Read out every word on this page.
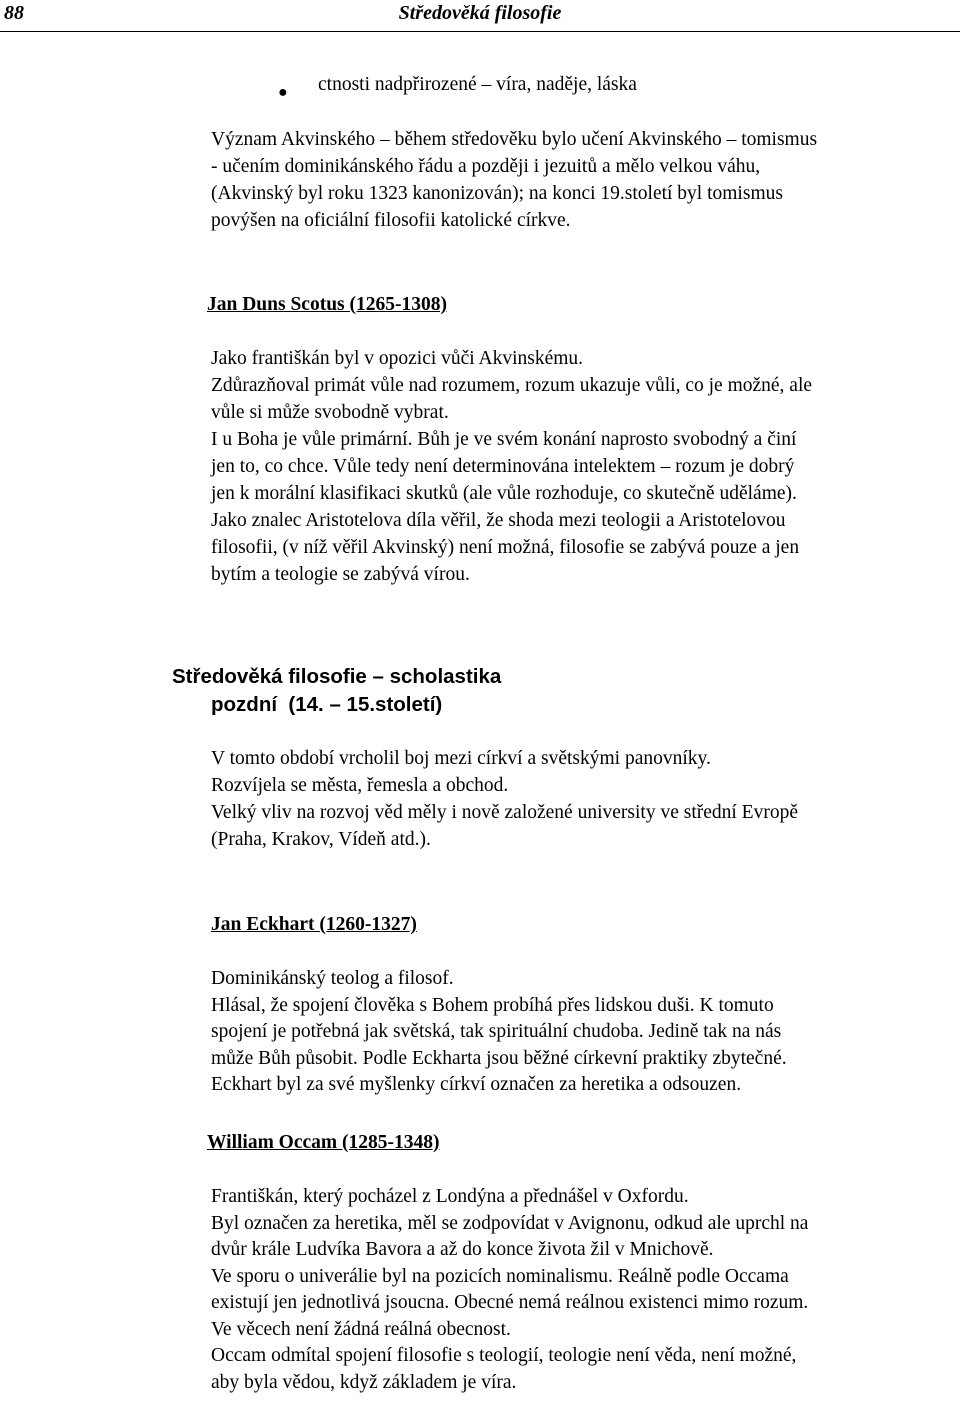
88	Středověká filosofie
● ctnosti nadpřirozené – víra, naděje, láska

Význam Akvinského – během středověku bylo učení Akvinského – tomismus
- učením dominikánského řádu a později i jezuitů a mělo velkou váhu,
(Akvinský byl roku 1323 kanonizován); na konci 19.století byl tomismus
povýšen na oficiální filosofii katolické církve.

Jan Duns Scotus (1265-1308)

Jako františkán byl v opozici vůči Akvinskému.
Zdůrazňoval primát vůle nad rozumem, rozum ukazuje vůli, co je možné, ale
vůle si může svobodně vybrat.
I u Boha je vůle primární. Bůh je ve svém konání naprosto svobodný a činí
jen to, co chce. Vůle tedy není determinována intelektem – rozum je dobrý
jen k morální klasifikaci skutků (ale vůle rozhoduje, co skutečně uděláme).
Jako znalec Aristotelova díla věřil, že shoda mezi teologii a Aristotelovou
filosofii, (v níž věřil Akvinský) není možná, filosofie se zabývá pouze a jen
bytím a teologie se zabývá vírou.

Středověká filosofie – scholastika

pozdní  (14. – 15.století)

V tomto období vrcholil boj mezi církví a světskými panovníky.
Rozvíjela se města, řemesla a obchod.
Velký vliv na rozvoj věd měly i nově založené university ve střední Evropě
(Praha, Krakov, Vídeň atd.).

Jan Eckhart (1260-1327)

Dominikánský teolog a filosof.
Hlásal, že spojení člověka s Bohem probíhá přes lidskou duši. K tomuto
spojení je potřebná jak světská, tak spirituální chudoba. Jedině tak na nás
může Bůh působit. Podle Eckharta jsou běžné církevní praktiky zbytečné.
Eckhart byl za své myšlenky církví označen za heretika a odsouzen.

William Occam (1285-1348)

Františkán, který pocházel z Londýna a přednášel v Oxfordu.
Byl označen za heretika, měl se zodpovídat v Avignonu, odkud ale uprchl na
dvůr krále Ludvíka Bavora a až do konce života žil v Mnichově.
Ve sporu o univerálie byl na pozicích nominalismu. Reálně podle Occama
existují jen jednotlivá jsoucna. Obecné nemá reálnou existenci mimo rozum.
Ve věcech není žádná reálná obecnost.
Occam odmítal spojení filosofie s teologií, teologie není věda, není možné,
aby byla vědou, když základem je víra.
